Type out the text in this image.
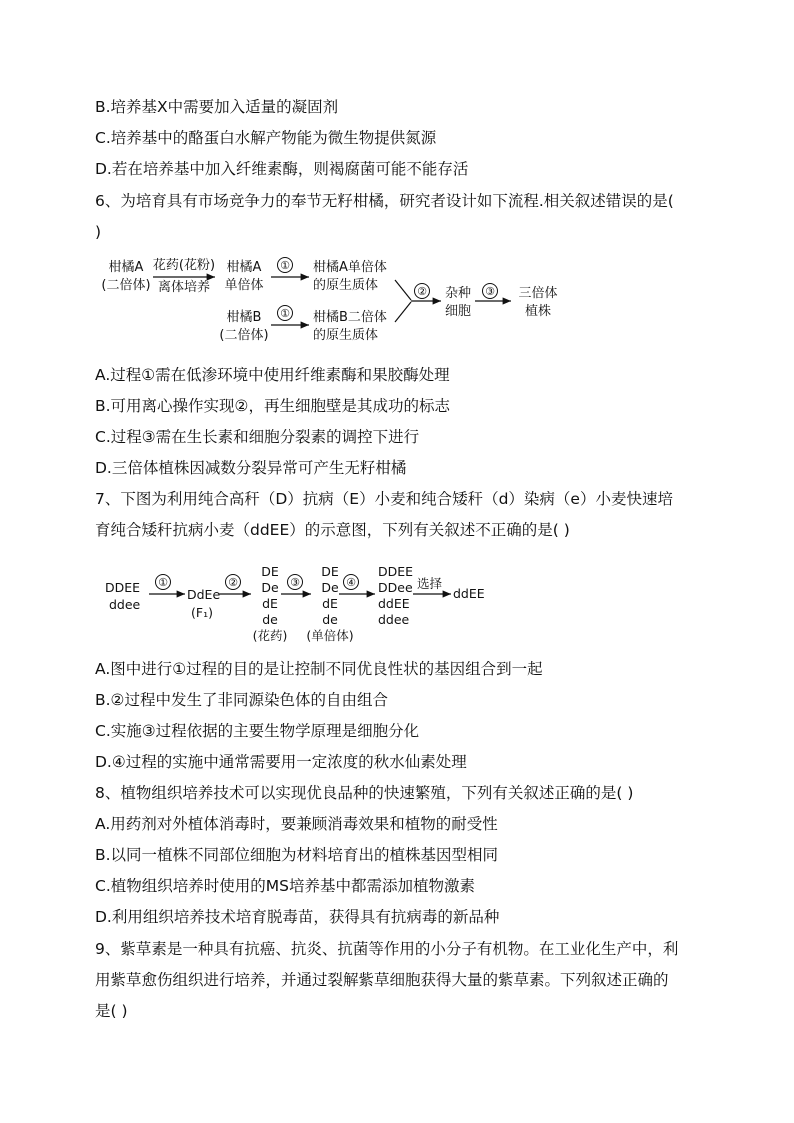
B.培养基X中需要加入适量的凝固剂
C.培养基中的酪蛋白水解产物能为微生物提供氮源
D.若在培养基中加入纤维素酶，则褐腐菌可能不能存活
6、为培育具有市场竞争力的奉节无籽柑橘，研究者设计如下流程.相关叙述错误的是(
)
柑橘A
(二倍体)
花药(花粉)
离体培养
柑橘A
单倍体
① 柑橘A单倍体
的原生质体
柑橘B
(二倍体)
① 柑橘B二倍体
的原生质体
② 杂种
细胞
③	三倍体
植株
A.过程①需在低渗环境中使用纤维素酶和果胶酶处理
B.可用离心操作实现②，再生细胞壁是其成功的标志
C.过程③需在生长素和细胞分裂素的调控下进行
D.三倍体植株因减数分裂异常可产生无籽柑橘
7、下图为利用纯合高秆（D）抗病（E）小麦和纯合矮秆（d）染病（e）小麦快速培
育纯合矮秆抗病小麦（ddEE）的示意图，下列有关叙述不正确的是( )
DDEE
ddee
①
DdEe
(F₁)
②
DE
De
dE
de
(花药)
③
DE
De
dE
de
(单倍体)
④
DDEE
DDee
ddEE
ddee
选择
ddEE
A.图中进行①过程的目的是让控制不同优良性状的基因组合到一起
B.②过程中发生了非同源染色体的自由组合
C.实施③过程依据的主要生物学原理是细胞分化
D.④过程的实施中通常需要用一定浓度的秋水仙素处理
8、植物组织培养技术可以实现优良品种的快速繁殖，下列有关叙述正确的是( )
A.用药剂对外植体消毒时，要兼顾消毒效果和植物的耐受性
B.以同一植株不同部位细胞为材料培育出的植株基因型相同
C.植物组织培养时使用的MS培养基中都需添加植物激素
D.利用组织培养技术培育脱毒苗，获得具有抗病毒的新品种
9、紫草素是一种具有抗癌、抗炎、抗菌等作用的小分子有机物。在工业化生产中，利
用紫草愈伤组织进行培养，并通过裂解紫草细胞获得大量的紫草素。下列叙述正确的
是( )
